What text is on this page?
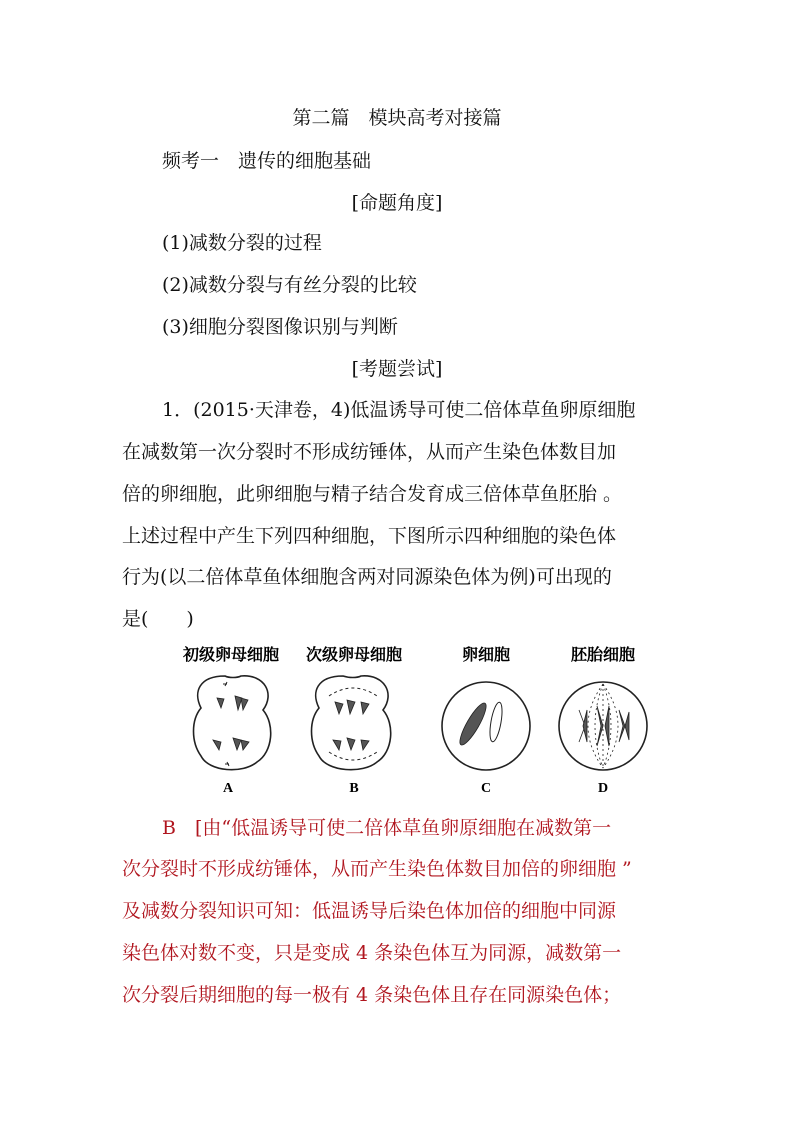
第二篇　模块高考对接篇
频考一　遗传的细胞基础
[命题角度]
(1)减数分裂的过程
(2)减数分裂与有丝分裂的比较
(3)细胞分裂图像识别与判断
[考题尝试]
1．(2015·天津卷，4)低温诱导可使二倍体草鱼卵原细胞
在减数第一次分裂时不形成纺锤体，从而产生染色体数目加
倍的卵细胞，此卵细胞与精子结合发育成三倍体草鱼胚胎 。
上述过程中产生下列四种细胞，下图所示四种细胞的染色体
行为(以二倍体草鱼体细胞含两对同源染色体为例)可出现的
是(　　)
初级卵母细胞 次级卵母细胞	卵细胞	胚胎细胞
A	B	C	D
B　[由“低温诱导可使二倍体草鱼卵原细胞在减数第一
次分裂时不形成纺锤体，从而产生染色体数目加倍的卵细胞 ”
及减数分裂知识可知：低温诱导后染色体加倍的细胞中同源
染色体对数不变，只是变成 4 条染色体互为同源，减数第一
次分裂后期细胞的每一极有 4 条染色体且存在同源染色体；
